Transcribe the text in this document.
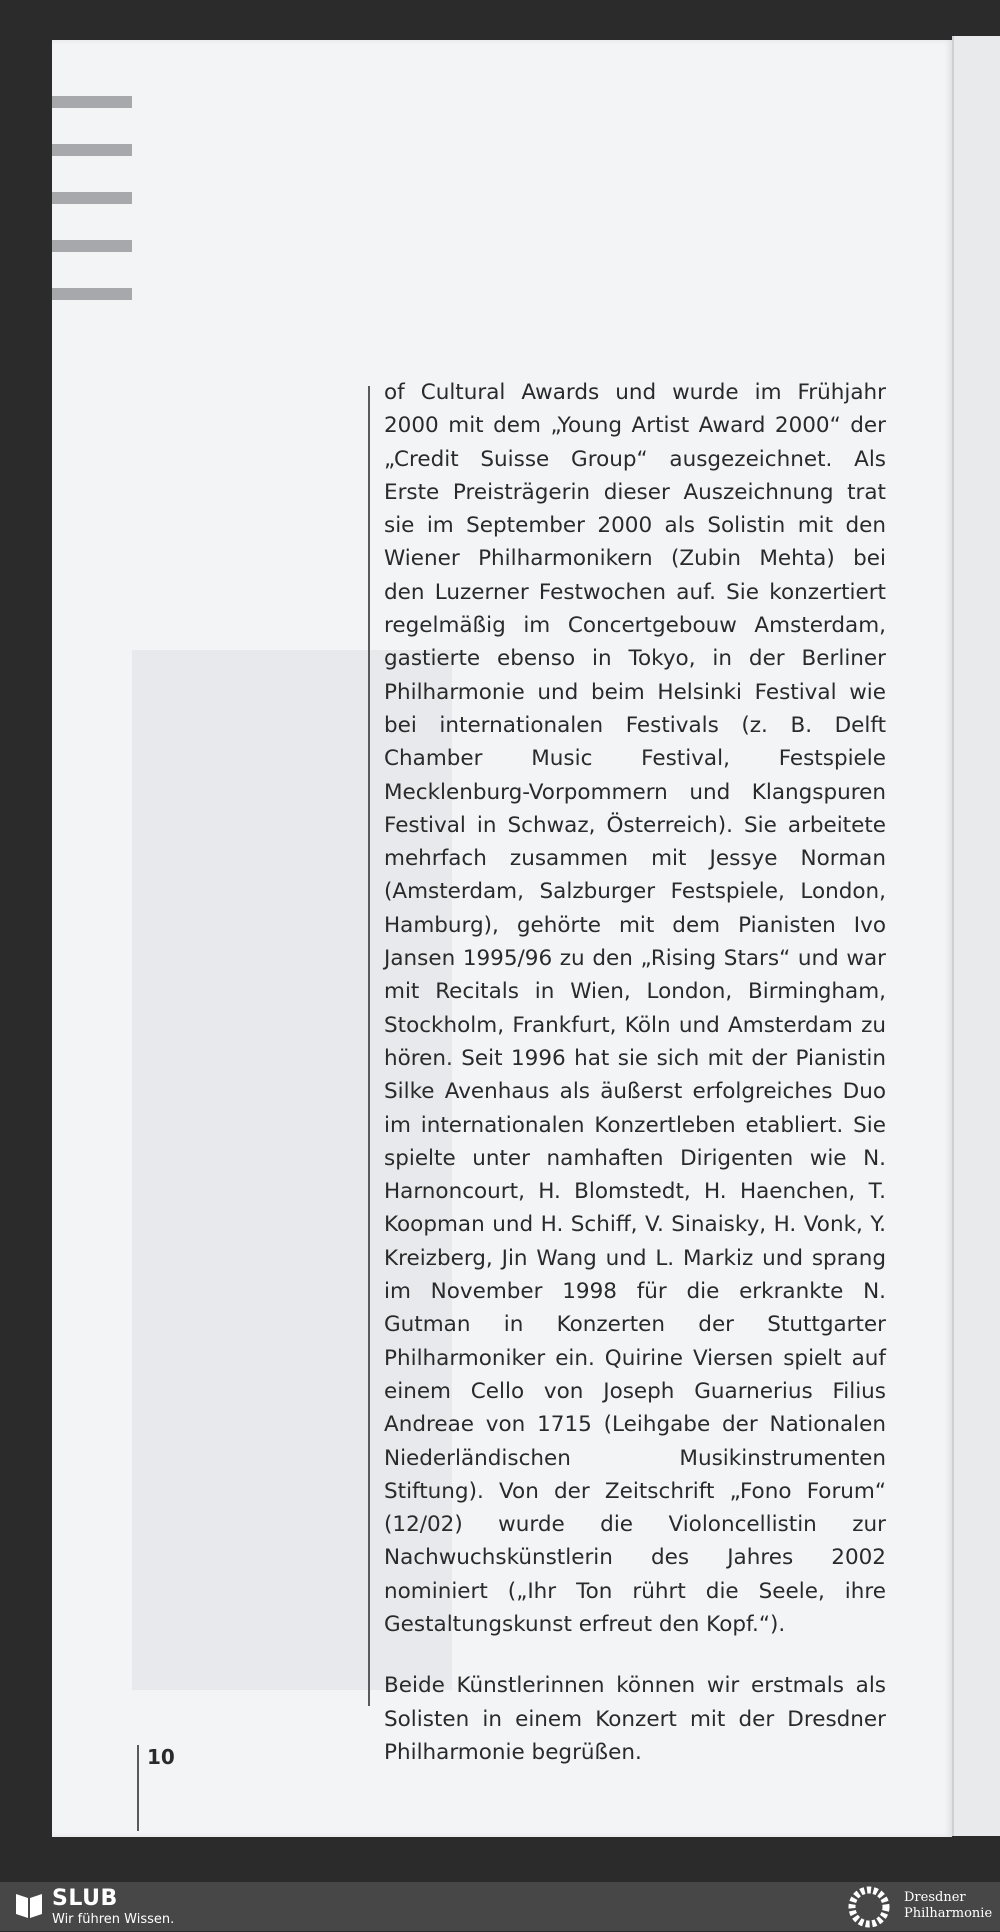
of Cultural Awards und wurde im Frühjahr 2000 mit dem „Young Artist Award 2000“ der „Credit Suisse Group“ ausgezeichnet. Als Erste Preisträgerin dieser Auszeichnung trat sie im September 2000 als Solistin mit den Wiener Philharmonikern (Zubin Mehta) bei den Luzerner Festwochen auf. Sie konzertiert regelmäßig im Concertgebouw Amsterdam, gastierte ebenso in Tokyo, in der Berliner Philharmonie und beim Helsinki Festival wie bei internationalen Festivals (z. B. Delft Chamber Music Festival, Festspiele Mecklenburg-Vorpommern und Klangspuren Festival in Schwaz, Österreich). Sie arbeitete mehrfach zusammen mit Jessye Norman (Amsterdam, Salzburger Festspiele, London, Hamburg), gehörte mit dem Pianisten Ivo Jansen 1995/96 zu den „Rising Stars“ und war mit Recitals in Wien, London, Birmingham, Stockholm, Frankfurt, Köln und Amsterdam zu hören. Seit 1996 hat sie sich mit der Pianistin Silke Avenhaus als äußerst erfolgreiches Duo im internationalen Konzertleben etabliert. Sie spielte unter namhaften Dirigenten wie N. Harnoncourt, H. Blomstedt, H. Haenchen, T. Koopman und H. Schiff, V. Sinaisky, H. Vonk, Y. Kreizberg, Jin Wang und L. Markiz und sprang im November 1998 für die erkrankte N. Gutman in Konzerten der Stuttgarter Philharmoniker ein. Quirine Viersen spielt auf einem Cello von Joseph Guarnerius Filius Andreae von 1715 (Leihgabe der Nationalen Niederländischen Musikinstrumenten Stiftung). Von der Zeitschrift „Fono Forum“ (12/02) wurde die Violoncellistin zur Nachwuchskünstlerin des Jahres 2002 nominiert („Ihr Ton rührt die Seele, ihre Gestaltungskunst erfreut den Kopf.“).

Beide Künstlerinnen können wir erstmals als Solisten in einem Konzert mit der Dresdner Philharmonie begrüßen.

10
SLUB
Wir führen Wissen.
Dresdner
Philharmonie
